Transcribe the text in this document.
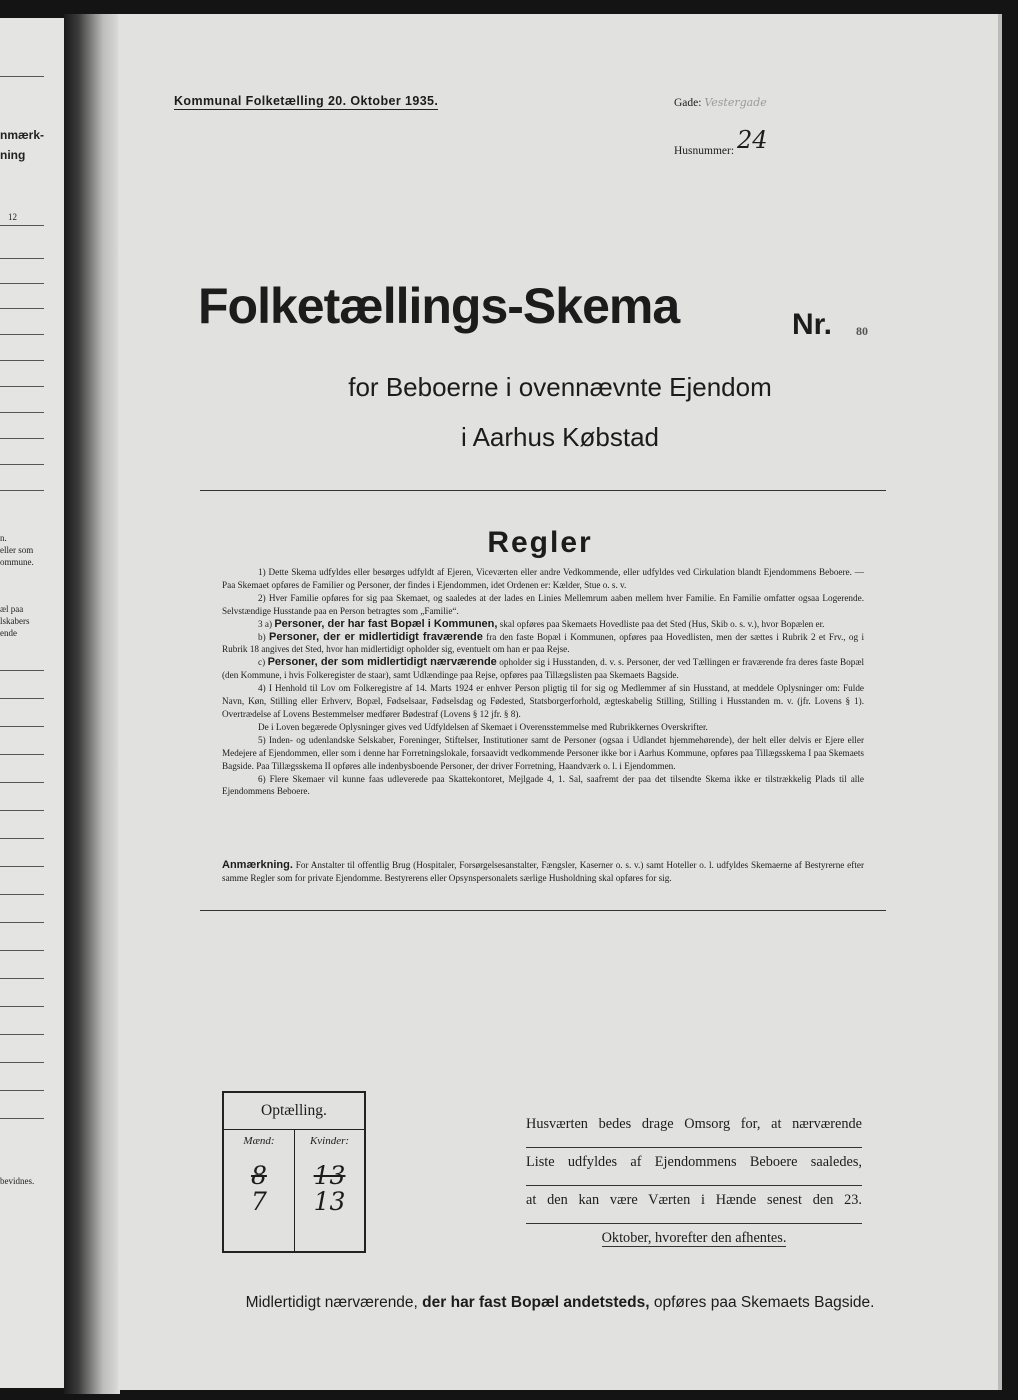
nmærk-
ning
12
n.
eller som
ommune.
æl paa
lskabers
ende
bevidnes.
Kommunal Folketælling 20. Oktober 1935.	Gade: Vestergade
Husnummer: 24
Folketællings-Skema	Nr. 80
for Beboerne i ovennævnte Ejendom
i Aarhus Købstad
Regler

1) Dette Skema udfyldes eller besørges udfyldt af Ejeren, Viceværten eller andre Vedkommende, eller udfyldes ved Cirkulation blandt Ejendommens Beboere. — Paa Skemaet opføres de Familier og Personer, der findes i Ejendommen, idet Ordenen er: Kælder, Stue o. s. v.

2) Hver Familie opføres for sig paa Skemaet, og saaledes at der lades en Linies Mellemrum aaben mellem hver Familie. En Familie omfatter ogsaa Logerende. Selvstændige Husstande paa en Person betragtes som „Familie“.

3 a) Personer, der har fast Bopæl i Kommunen, skal opføres paa Skemaets Hovedliste paa det Sted (Hus, Skib o. s. v.), hvor Bopælen er.

b) Personer, der er midlertidigt fraværende fra den faste Bopæl i Kommunen, opføres paa Hovedlisten, men der sættes i Rubrik 2 et Frv., og i Rubrik 18 angives det Sted, hvor han midlertidigt opholder sig, eventuelt om han er paa Rejse.

c) Personer, der som midlertidigt nærværende opholder sig i Husstanden, d. v. s. Personer, der ved Tællingen er fraværende fra deres faste Bopæl (den Kommune, i hvis Folkeregister de staar), samt Udlændinge paa Rejse, opføres paa Tillægslisten paa Skemaets Bagside.

4) I Henhold til Lov om Folkeregistre af 14. Marts 1924 er enhver Person pligtig til for sig og Medlemmer af sin Husstand, at meddele Oplysninger om: Fulde Navn, Køn, Stilling eller Erhverv, Bopæl, Fødselsaar, Fødselsdag og Fødested, Statsborgerforhold, ægteskabelig Stilling, Stilling i Husstanden m. v. (jfr. Lovens § 1). Overtrædelse af Lovens Bestemmelser medfører Bødestraf (Lovens § 12 jfr. § 8).

De i Loven begærede Oplysninger gives ved Udfyldelsen af Skemaet i Overensstemmelse med Rubrikkernes Overskrifter.

5) Inden- og udenlandske Selskaber, Foreninger, Stiftelser, Institutioner samt de Personer (ogsaa i Udlandet hjemmehørende), der helt eller delvis er Ejere eller Medejere af Ejendommen, eller som i denne har Forretningslokale, forsaavidt vedkommende Personer ikke bor i Aarhus Kommune, opføres paa Tillægsskema I paa Skemaets Bagside. Paa Tillægsskema II opføres alle indenbysboende Personer, der driver Forretning, Haandværk o. l. i Ejendommen.

6) Flere Skemaer vil kunne faas udleverede paa Skattekontoret, Mejlgade 4, 1. Sal, saafremt der paa det tilsendte Skema ikke er tilstrækkelig Plads til alle Ejendommens Beboere.

Anmærkning. For Anstalter til offentlig Brug (Hospitaler, Forsørgelsesanstalter, Fængsler, Kaserner o. s. v.) samt Hoteller o. l. udfyldes Skemaerne af Bestyrerne efter samme Regler som for private Ejendomme. Bestyrerens eller Opsynspersonalets særlige Husholdning skal opføres for sig.
Optælling.
Mænd:
8
7
Kvinder:
13
13
Husværten bedes drage Omsorg for, at nærværende
Liste udfyldes af Ejendommens Beboere saaledes,
at den kan være Værten i Hænde senest den 23.
Oktober, hvorefter den afhentes.
Midlertidigt nærværende, der har fast Bopæl andetsteds, opføres paa Skemaets Bagside.
